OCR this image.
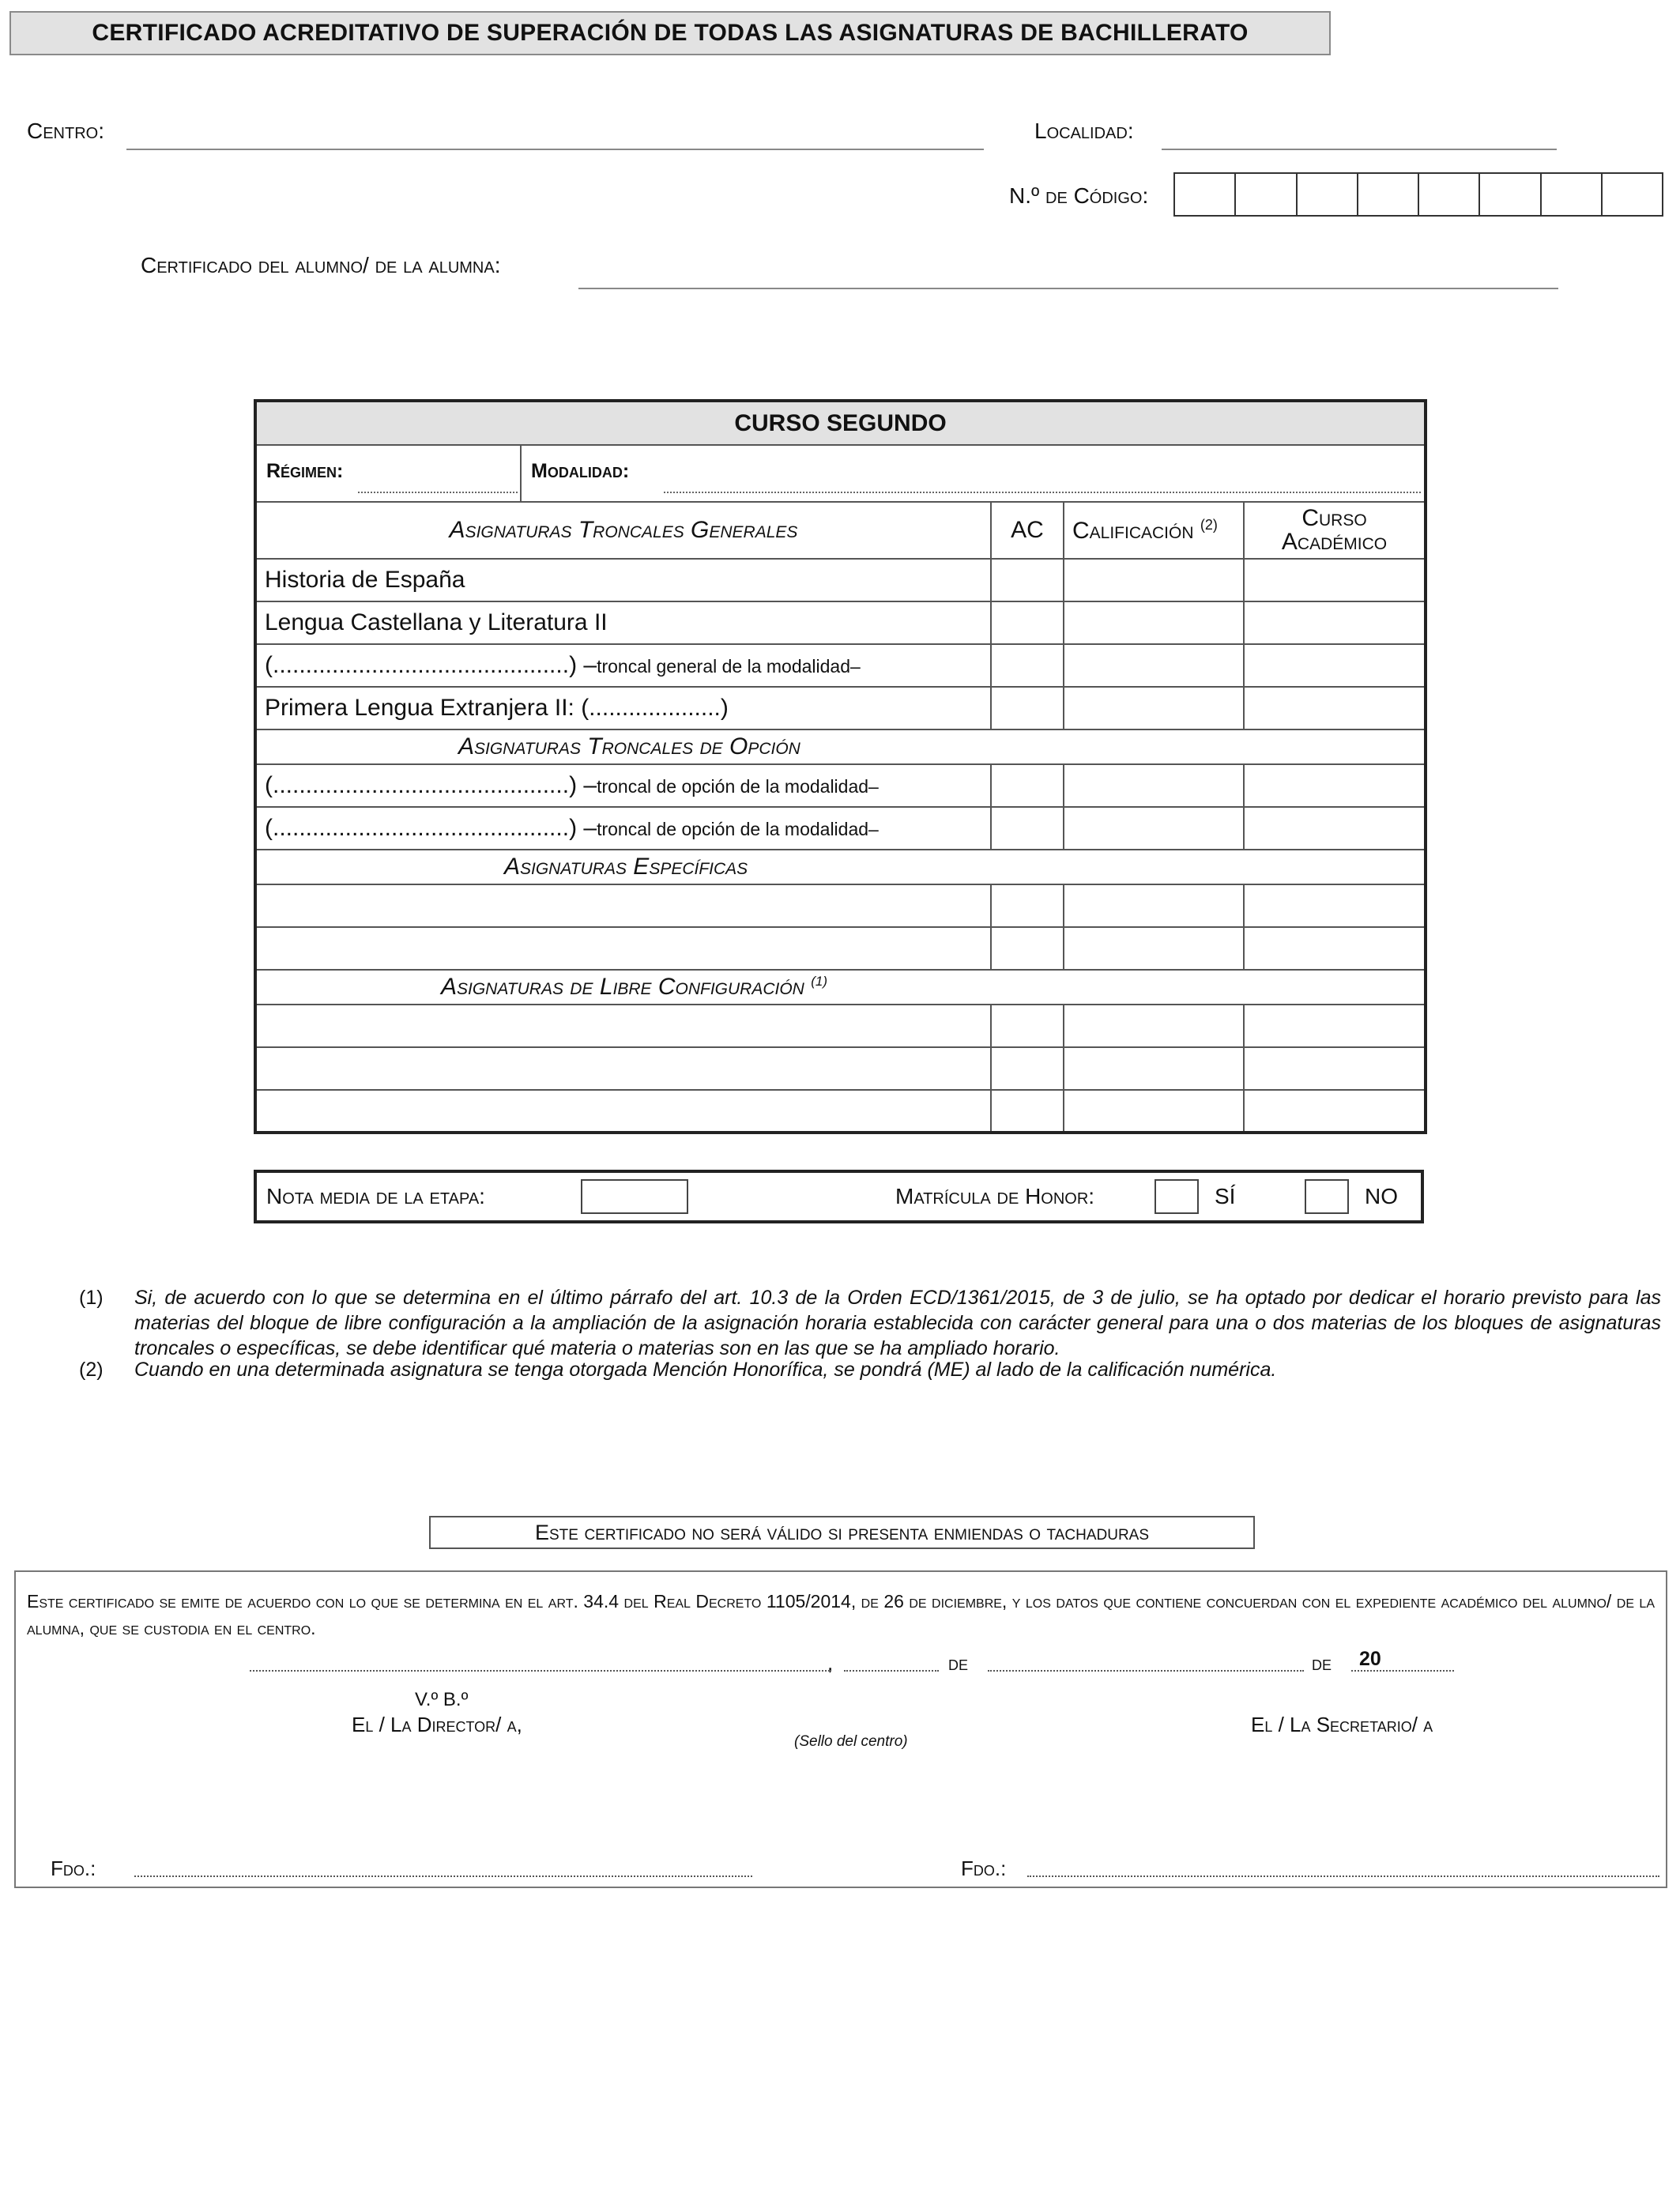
CERTIFICADO ACREDITATIVO DE SUPERACIÓN DE TODAS LAS ASIGNATURAS DE BACHILLERATO
Centro:	Localidad:
N.º de Código:
Certificado del alumno/ de la alumna:
CURSO SEGUNDO			

Régimen: Modalidad:			

Asignaturas Troncales Generales	AC	Calificación $^{(2)}$	Curso
Académico

Historia de España			
Lengua Castellana y Literatura II			
(.............................................) –troncal general de la modalidad–			
Primera Lengua Extranjera II: (....................)			
Asignaturas Troncales de Opción			
(.............................................) –troncal de opción de la modalidad–			
(.............................................) –troncal de opción de la modalidad–			
Asignaturas Específicas			

Asignaturas de Libre Configuración $^{(1)}$

Nota media de la etapa:	Matrícula de Honor:	SÍ	NO
(1) Si, de acuerdo con lo que se determina en el último párrafo del art. 10.3 de la Orden ECD/1361/2015, de 3 de julio, se ha optado por dedicar el horario previsto para las materias del bloque de libre configuración a la ampliación de la asignación horaria establecida con carácter general para una o dos materias de los bloques de asignaturas troncales o específicas, se debe identificar qué materia o materias son en las que se ha ampliado horario.
(2) Cuando en una determinada asignatura se tenga otorgada Mención Honorífica, se pondrá (ME) al lado de la calificación numérica.
Este certificado no será válido si presenta enmiendas o tachaduras
Este certificado se emite de acuerdo con lo que se determina en el art. 34.4 del Real Decreto 1105/2014, de 26 de diciembre, y los datos que contiene concuerdan con el expediente académico del alumno/ de la alumna, que se custodia en el centro.
,	de	de 20
V.º B.º
El / La Director/ a,
(Sello del centro)
El / La Secretario/ a
Fdo.:	Fdo.:
